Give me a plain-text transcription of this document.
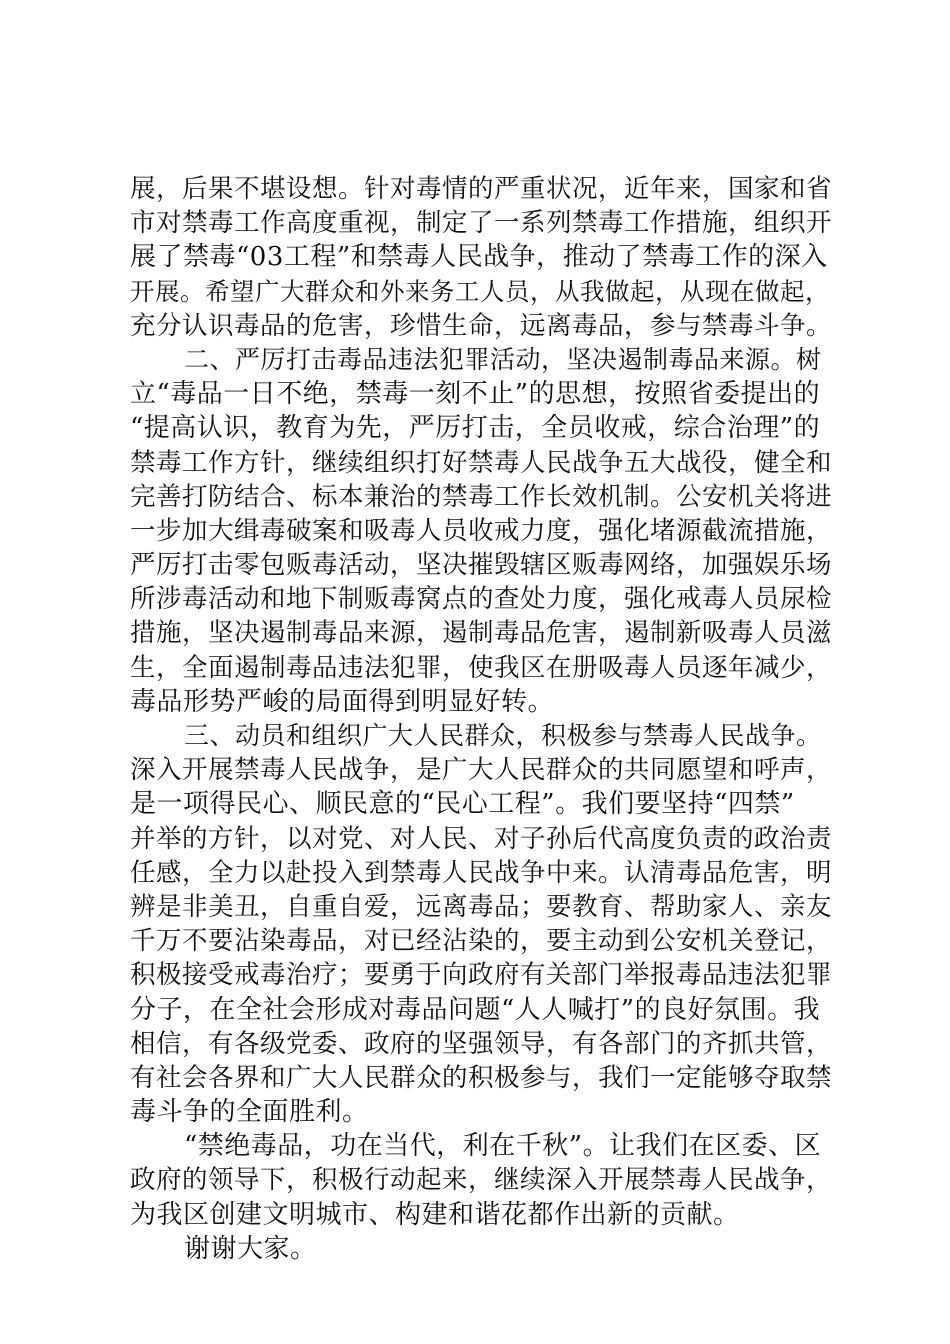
展，后果不堪设想。针对毒情的严重状况，近年来，国家和省
市对禁毒工作高度重视，制定了一系列禁毒工作措施，组织开
展了禁毒“03工程”和禁毒人民战争，推动了禁毒工作的深入
开展。希望广大群众和外来务工人员，从我做起，从现在做起，
充分认识毒品的危害，珍惜生命，远离毒品，参与禁毒斗争。
二、严厉打击毒品违法犯罪活动，坚决遏制毒品来源。树
立“毒品一日不绝，禁毒一刻不止”的思想，按照省委提出的
“提高认识，教育为先，严厉打击，全员收戒，综合治理”的
禁毒工作方针，继续组织打好禁毒人民战争五大战役，健全和
完善打防结合、标本兼治的禁毒工作长效机制。公安机关将进
一步加大缉毒破案和吸毒人员收戒力度，强化堵源截流措施，
严厉打击零包贩毒活动，坚决摧毁辖区贩毒网络，加强娱乐场
所涉毒活动和地下制贩毒窝点的查处力度，强化戒毒人员尿检
措施，坚决遏制毒品来源，遏制毒品危害，遏制新吸毒人员滋
生，全面遏制毒品违法犯罪，使我区在册吸毒人员逐年减少，
毒品形势严峻的局面得到明显好转。
三、动员和组织广大人民群众，积极参与禁毒人民战争。
深入开展禁毒人民战争，是广大人民群众的共同愿望和呼声，
是一项得民心、顺民意的“民心工程”。我们要坚持“四禁”
并举的方针，以对党、对人民、对子孙后代高度负责的政治责
任感，全力以赴投入到禁毒人民战争中来。认清毒品危害，明
辨是非美丑，自重自爱，远离毒品；要教育、帮助家人、亲友
千万不要沾染毒品，对已经沾染的，要主动到公安机关登记，
积极接受戒毒治疗；要勇于向政府有关部门举报毒品违法犯罪
分子，在全社会形成对毒品问题“人人喊打”的良好氛围。我
相信，有各级党委、政府的坚强领导，有各部门的齐抓共管，
有社会各界和广大人民群众的积极参与，我们一定能够夺取禁
毒斗争的全面胜利。
“禁绝毒品，功在当代，利在千秋”。让我们在区委、区
政府的领导下，积极行动起来，继续深入开展禁毒人民战争，
为我区创建文明城市、构建和谐花都作出新的贡献。
谢谢大家。
